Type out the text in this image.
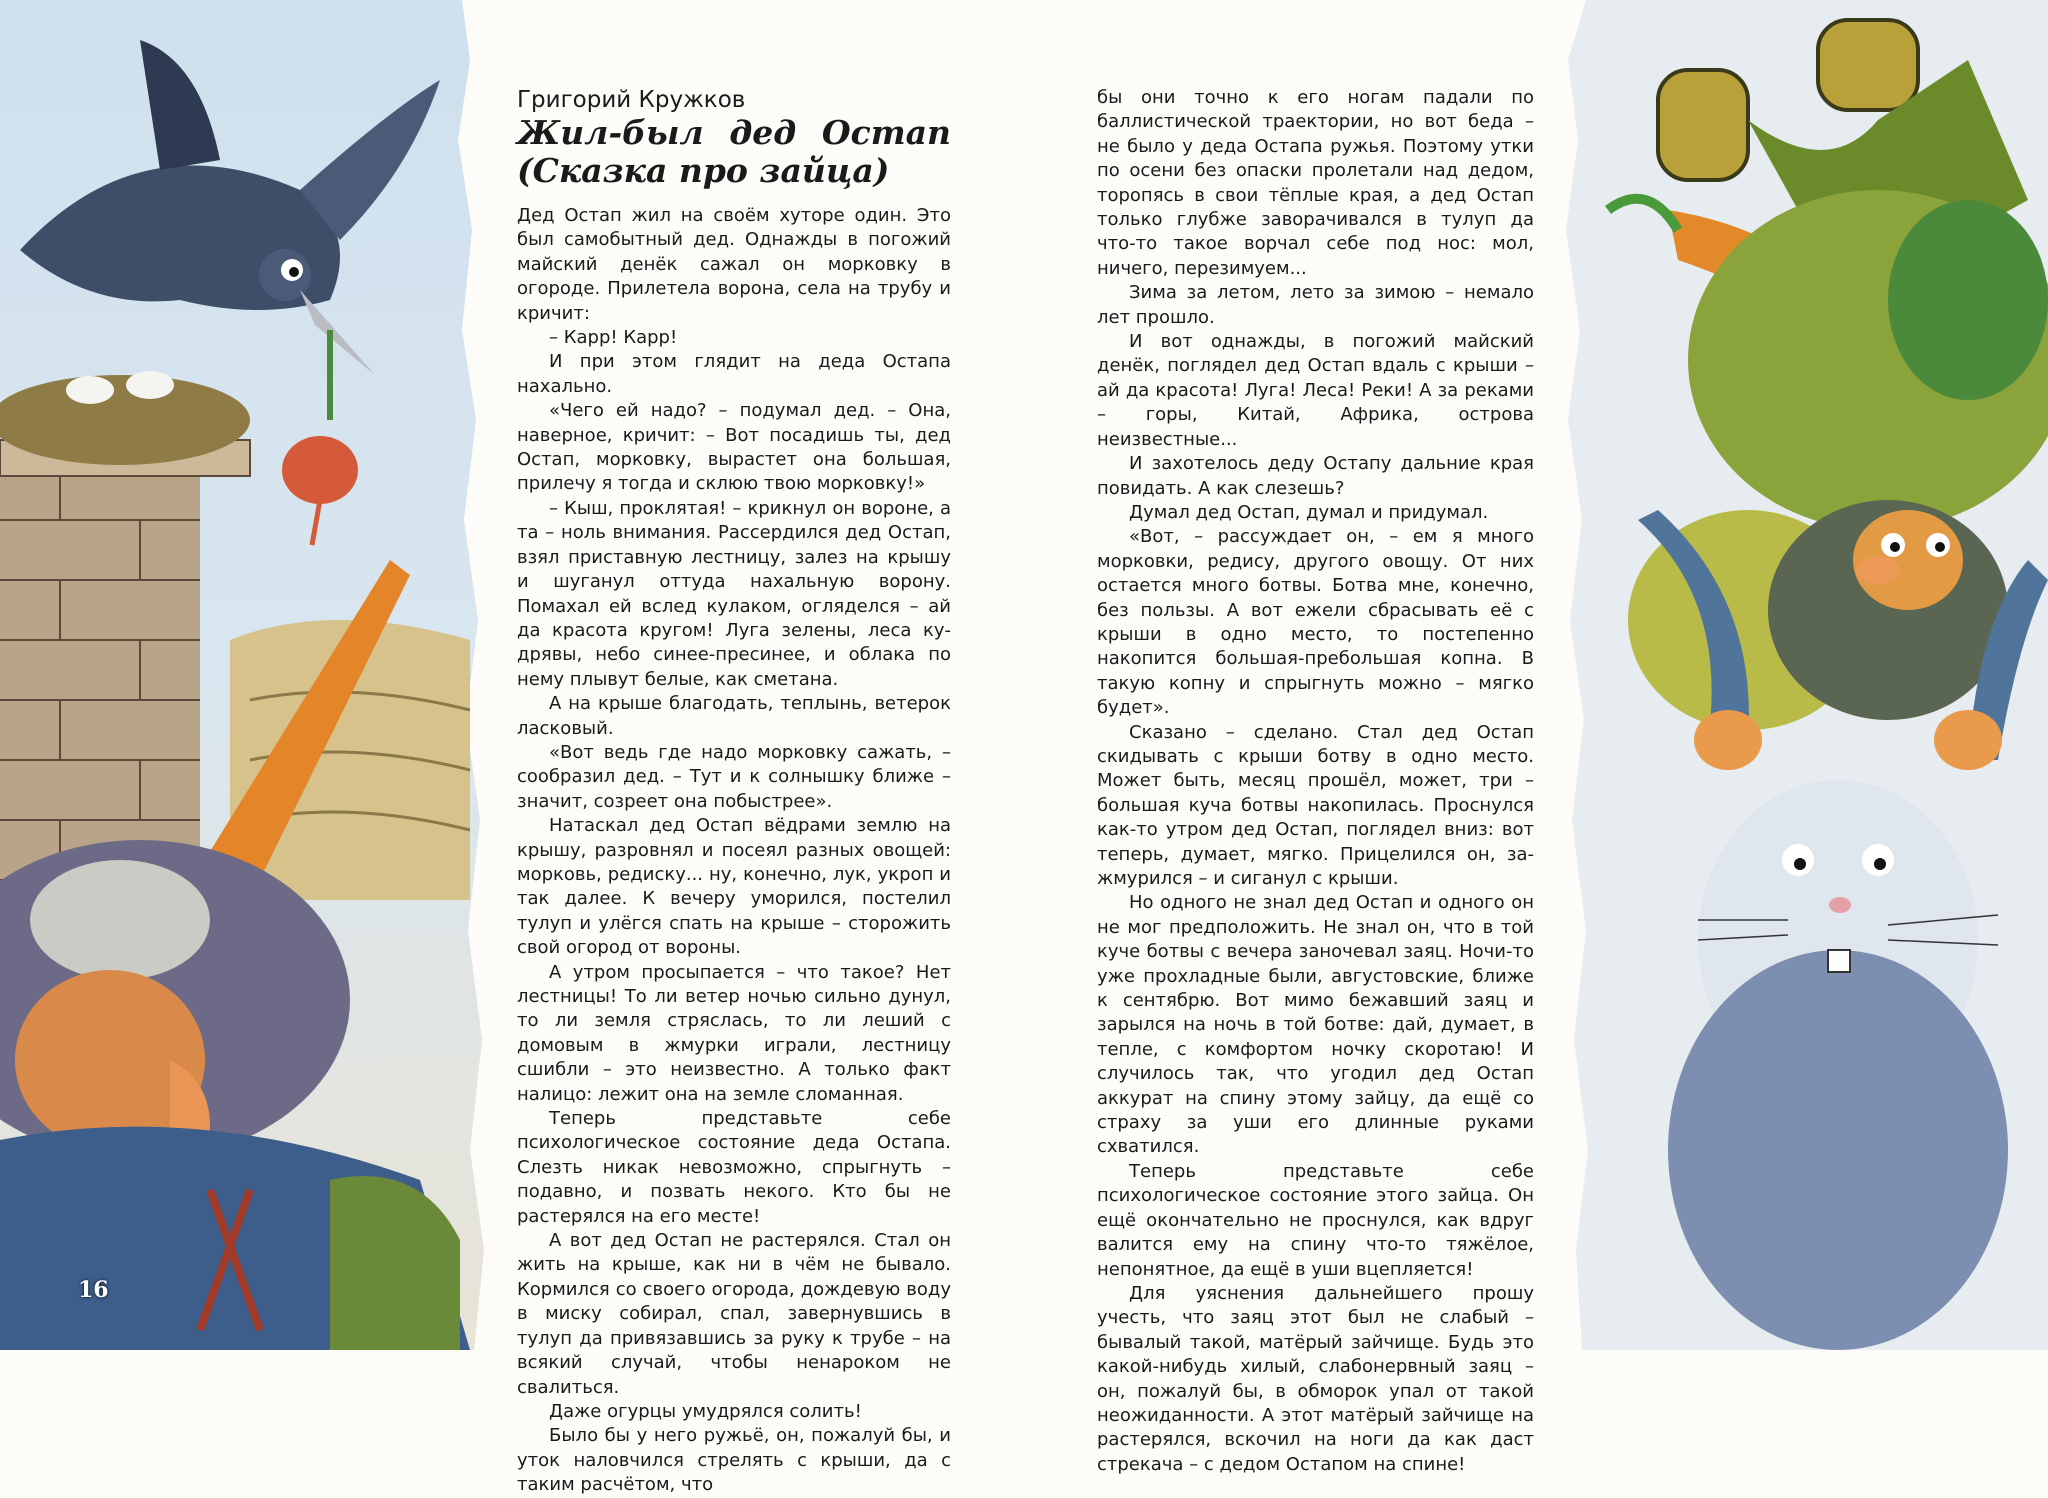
16

Григорий Кружков

Жил-был дед Остап (Сказка про зайца)

Дед Остап жил на своём хуторе один. Это был самобытный дед. Однажды в погожий майский денёк сажал он морковку в огороде. Прилетела ворона, села на трубу и кричит:

– Карр! Карр!

И при этом глядит на деда Остапа нахально.

«Чего ей надо? – подумал дед. – Она, наверное, кричит: – Вот посадишь ты, дед Остап, морковку, вырастет она большая, прилечу я тогда и склюю твою морковку!»

– Кыш, проклятая! – крикнул он вороне, а та – ноль внимания. Рассердился дед Остап, взял приставную лестницу, залез на крышу и шуганул оттуда нахальную ворону. Помахал ей вслед кулаком, огляделся – ай да красота кругом! Луга зелены, леса кудрявы, небо синее-пресинее, и облака по нему плывут белые, как сметана.

А на крыше благодать, теплынь, ветерок ласковый.

«Вот ведь где надо морковку сажать, – сообразил дед. – Тут и к солнышку ближе – значит, созреет она побыстрее».

Натаскал дед Остап вёдрами землю на крышу, разровнял и посеял разных овощей: морковь, редиску... ну, конечно, лук, укроп и так далее. К вечеру уморился, постелил тулуп и улёгся спать на крыше – сторожить свой огород от вороны.

А утром просыпается – что такое? Нет лестницы! То ли ветер ночью сильно дунул, то ли земля стряслась, то ли леший с домовым в жмурки играли, лестницу сшибли – это неизвестно. А только факт налицо: лежит она на земле сломанная.

Теперь представьте себе психологическое состояние деда Остапа. Слезть никак невозможно, спрыгнуть – подавно, и позвать некого. Кто бы не растерялся на его месте!

А вот дед Остап не растерялся. Стал он жить на крыше, как ни в чём не бывало. Кормился со своего огорода, дождевую воду в миску собирал, спал, завернувшись в тулуп да привязавшись за руку к трубе – на всякий случай, чтобы ненароком не свалиться.

Даже огурцы умудрялся солить!

Было бы у него ружьё, он, пожалуй бы, и уток наловчился стрелять с крыши, да с таким расчётом, что

бы они точно к его ногам падали по баллистической траектории, но вот беда – не было у деда Остапа ружья. Поэтому утки по осени без опаски пролетали над дедом, торопясь в свои тёплые края, а дед Остап только глубже заворачивался в тулуп да что-то такое ворчал себе под нос: мол, ничего, перезимуем...

Зима за летом, лето за зимою – немало лет прошло.

И вот однажды, в погожий майский денёк, поглядел дед Остап вдаль с крыши – ай да красота! Луга! Леса! Реки! А за реками – горы, Китай, Африка, острова неизвестные...

И захотелось деду Остапу дальние края повидать. А как слезешь?

Думал дед Остап, думал и придумал.

«Вот, – рассуждает он, – ем я много морковки, редису, другого овощу. От них остается много ботвы. Ботва мне, конечно, без пользы. А вот ежели сбрасывать её с крыши в одно место, то постепенно накопится большая-пребольшая копна. В такую копну и спрыгнуть можно – мягко будет».

Сказано – сделано. Стал дед Остап скидывать с крыши ботву в одно место. Может быть, месяц прошёл, может, три – большая куча ботвы накопилась. Проснулся как-то утром дед Остап, поглядел вниз: вот теперь, думает, мягко. Прицелился он, зажмурился – и сиганул с крыши.

Но одного не знал дед Остап и одного он не мог предположить. Не знал он, что в той куче ботвы с вечера заночевал заяц. Ночи-то уже прохладные были, августовские, ближе к сентябрю. Вот мимо бежавший заяц и зарылся на ночь в той ботве: дай, думает, в тепле, с комфортом ночку скоротаю! И случилось так, что угодил дед Остап аккурат на спину этому зайцу, да ещё со страху за уши его длинные руками схватился.

Теперь представьте себе психологическое состояние этого зайца. Он ещё окончательно не проснулся, как вдруг валится ему на спину что-то тяжёлое, непонятное, да ещё в уши вцепляется!

Для уяснения дальнейшего прошу учесть, что заяц этот был не слабый – бывалый такой, матёрый зайчище. Будь это какой-нибудь хилый, слабонервный заяц – он, пожалуй бы, в обморок упал от такой неожиданности. А этот матёрый зайчище на растерялся, вскочил на ноги да как даст стрекача – с дедом Остапом на спине!
